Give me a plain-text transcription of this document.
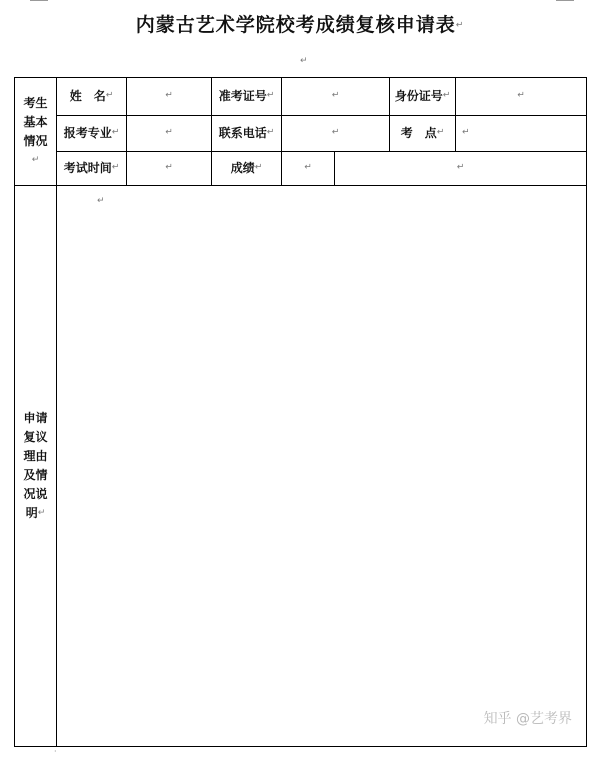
内蒙古艺术学院校考成绩复核申请表↵
↵
考生基本情况↵	姓　名↵	↵	准考证号↵	↵		身份证号↵	↵
	报考专业↵	↵	联系电话↵	↵		考　点↵	↵
	考试时间↵	↵	成绩↵	↵	↵		
申请复议理由及情况说明↵	↵
知乎 @艺考界						
·
